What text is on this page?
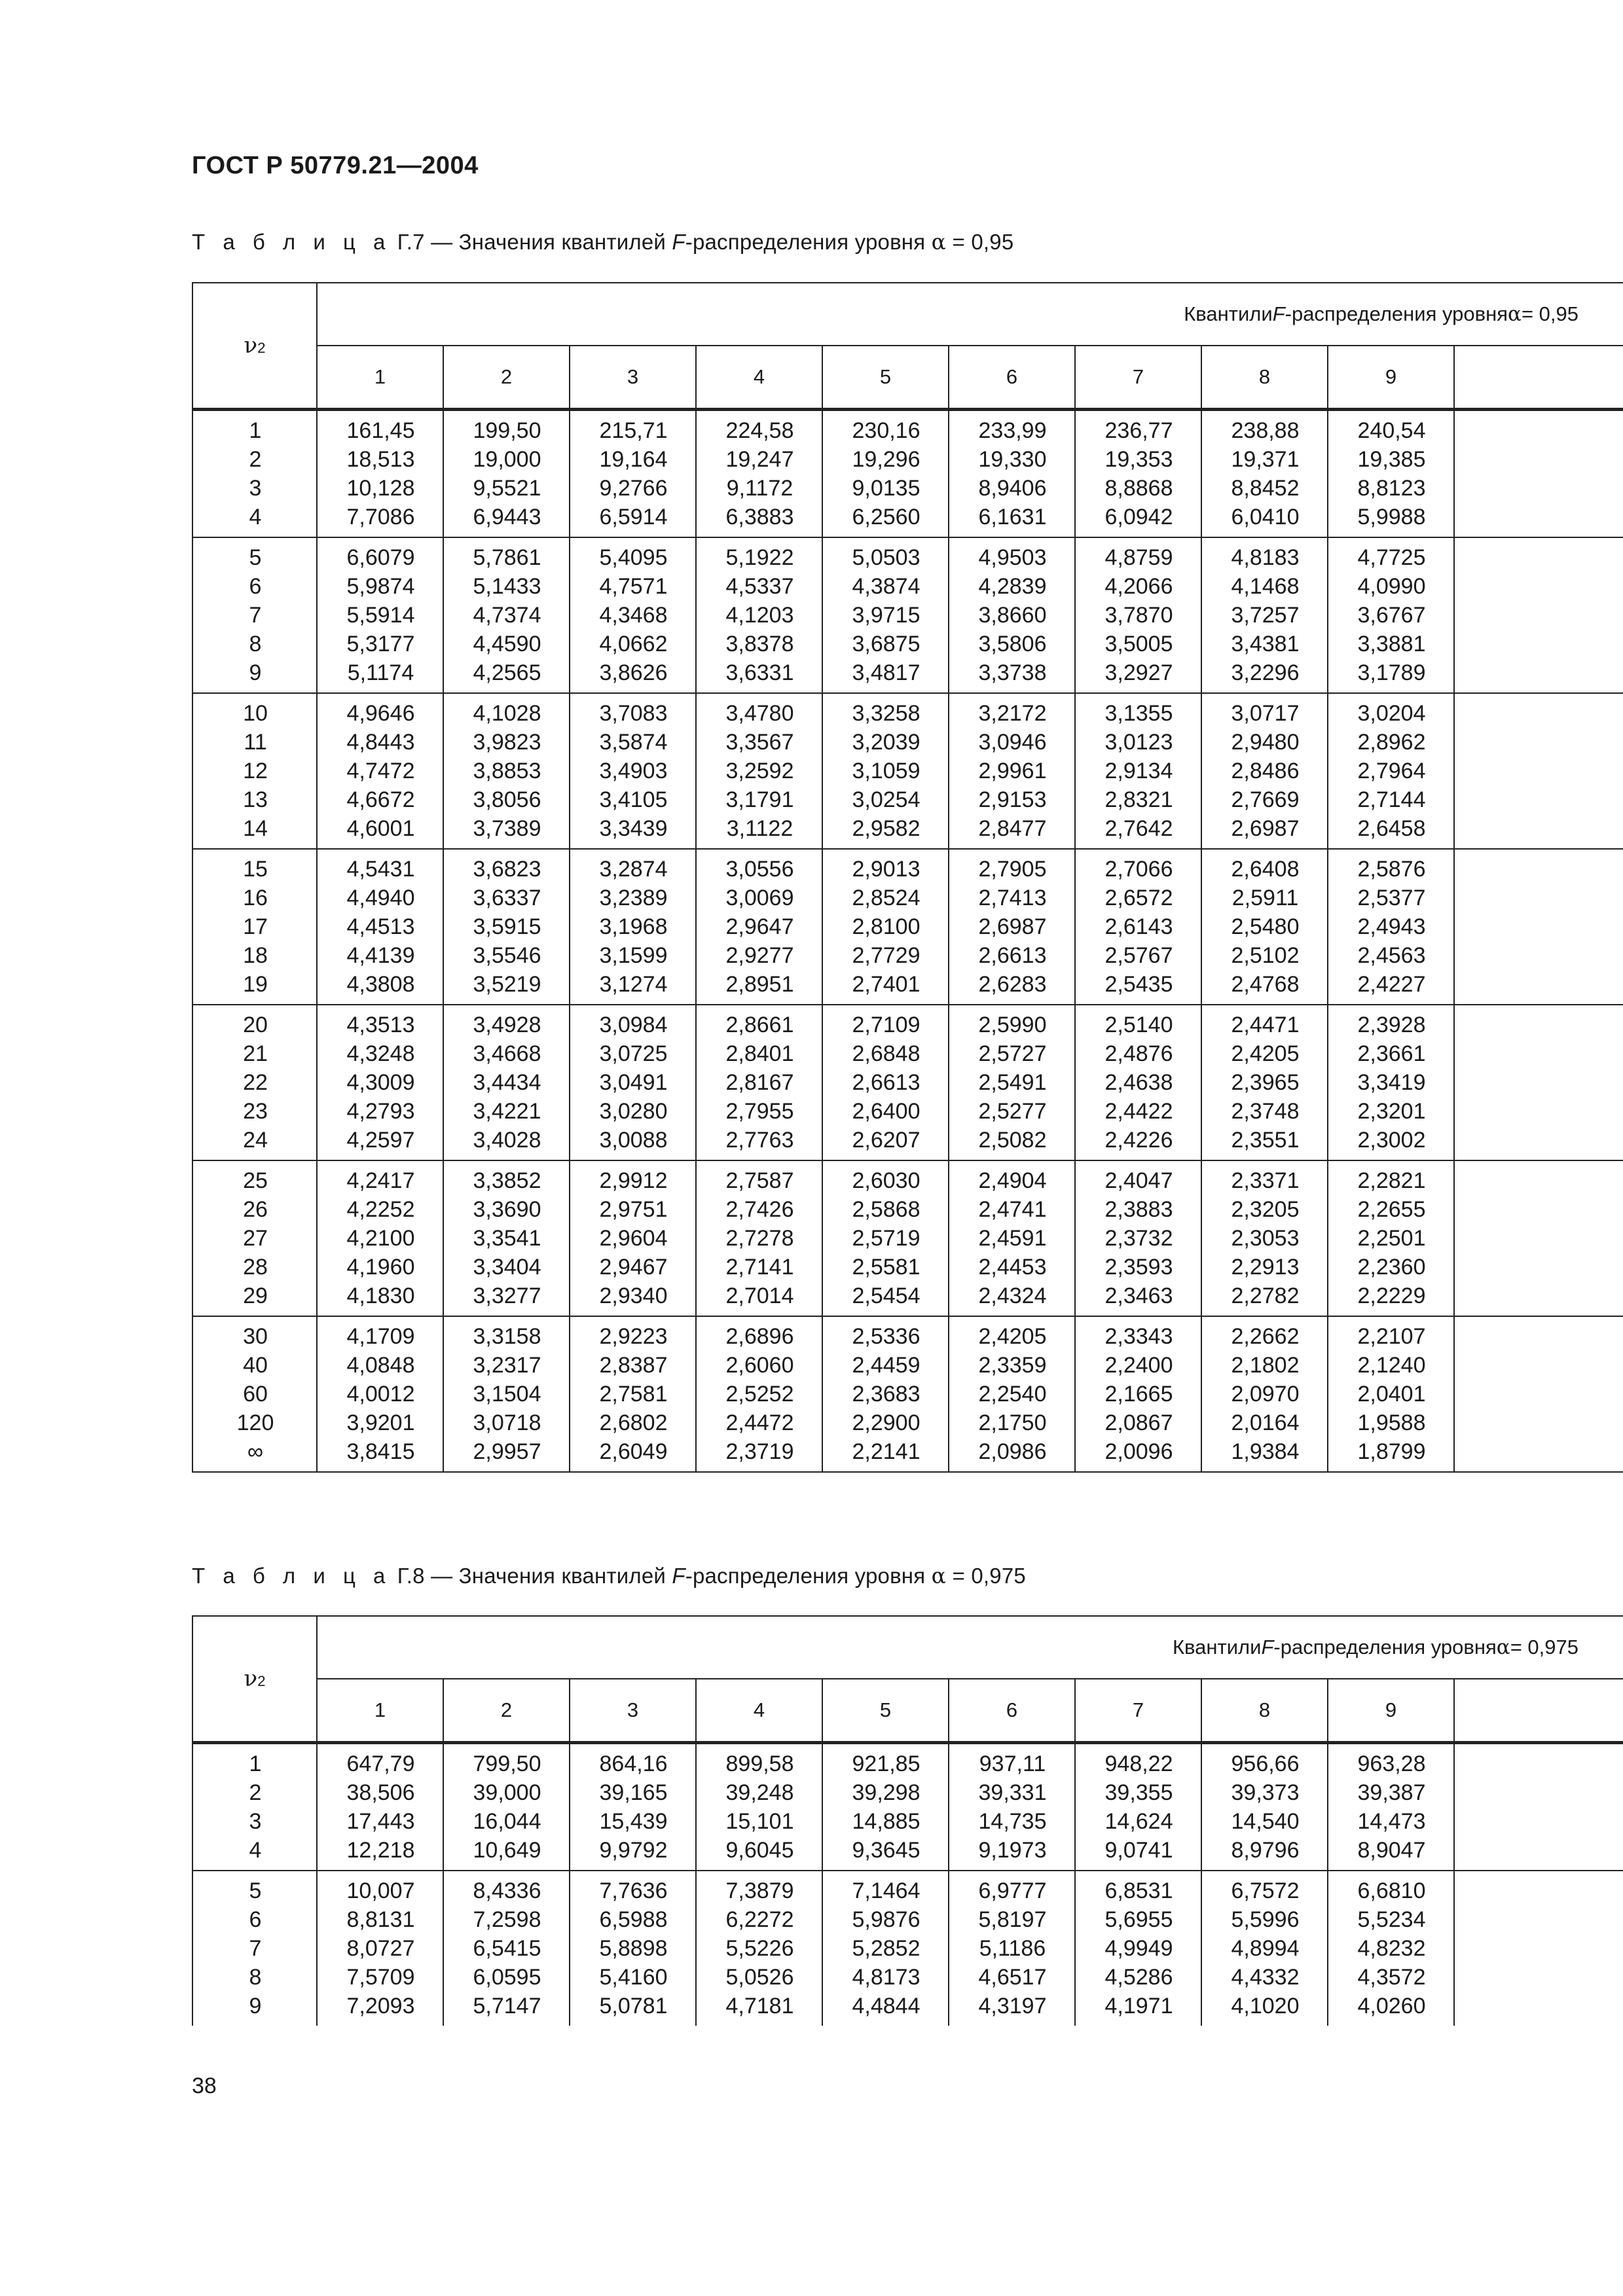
ГОСТ Р 50779.21—2004
Т а б л и ц а Г.7 — Значения квантилей F-распределения уровня α = 0,95
$\nu_2$
Квантили F -распределения уровня α = 0,95
1	2	3	4	5	6	7	8	9
1	161,45	199,50	215,71	224,58	230,16	233,99	236,77	238,88	240,54
2	18,513	19,000	19,164	19,247	19,296	19,330	19,353	19,371	19,385
3	10,128	9,5521	9,2766	9,1172	9,0135	8,9406	8,8868	8,8452	8,8123
4	7,7086	6,9443	6,5914	6,3883	6,2560	6,1631	6,0942	6,0410	5,9988
5	6,6079	5,7861	5,4095	5,1922	5,0503	4,9503	4,8759	4,8183	4,7725
6	5,9874	5,1433	4,7571	4,5337	4,3874	4,2839	4,2066	4,1468	4,0990
7	5,5914	4,7374	4,3468	4,1203	3,9715	3,8660	3,7870	3,7257	3,6767
8	5,3177	4,4590	4,0662	3,8378	3,6875	3,5806	3,5005	3,4381	3,3881
9	5,1174	4,2565	3,8626	3,6331	3,4817	3,3738	3,2927	3,2296	3,1789
10	4,9646	4,1028	3,7083	3,4780	3,3258	3,2172	3,1355	3,0717	3,0204
11	4,8443	3,9823	3,5874	3,3567	3,2039	3,0946	3,0123	2,9480	2,8962
12	4,7472	3,8853	3,4903	3,2592	3,1059	2,9961	2,9134	2,8486	2,7964
13	4,6672	3,8056	3,4105	3,1791	3,0254	2,9153	2,8321	2,7669	2,7144
14	4,6001	3,7389	3,3439	3,1122	2,9582	2,8477	2,7642	2,6987	2,6458
15	4,5431	3,6823	3,2874	3,0556	2,9013	2,7905	2,7066	2,6408	2,5876
16	4,4940	3,6337	3,2389	3,0069	2,8524	2,7413	2,6572	2,5911	2,5377
17	4,4513	3,5915	3,1968	2,9647	2,8100	2,6987	2,6143	2,5480	2,4943
18	4,4139	3,5546	3,1599	2,9277	2,7729	2,6613	2,5767	2,5102	2,4563
19	4,3808	3,5219	3,1274	2,8951	2,7401	2,6283	2,5435	2,4768	2,4227
20	4,3513	3,4928	3,0984	2,8661	2,7109	2,5990	2,5140	2,4471	2,3928
21	4,3248	3,4668	3,0725	2,8401	2,6848	2,5727	2,4876	2,4205	2,3661
22	4,3009	3,4434	3,0491	2,8167	2,6613	2,5491	2,4638	2,3965	3,3419
23	4,2793	3,4221	3,0280	2,7955	2,6400	2,5277	2,4422	2,3748	2,3201
24	4,2597	3,4028	3,0088	2,7763	2,6207	2,5082	2,4226	2,3551	2,3002
25	4,2417	3,3852	2,9912	2,7587	2,6030	2,4904	2,4047	2,3371	2,2821
26	4,2252	3,3690	2,9751	2,7426	2,5868	2,4741	2,3883	2,3205	2,2655
27	4,2100	3,3541	2,9604	2,7278	2,5719	2,4591	2,3732	2,3053	2,2501
28	4,1960	3,3404	2,9467	2,7141	2,5581	2,4453	2,3593	2,2913	2,2360
29	4,1830	3,3277	2,9340	2,7014	2,5454	2,4324	2,3463	2,2782	2,2229
30	4,1709	3,3158	2,9223	2,6896	2,5336	2,4205	2,3343	2,2662	2,2107
40	4,0848	3,2317	2,8387	2,6060	2,4459	2,3359	2,2400	2,1802	2,1240
60	4,0012	3,1504	2,7581	2,5252	2,3683	2,2540	2,1665	2,0970	2,0401
120	3,9201	3,0718	2,6802	2,4472	2,2900	2,1750	2,0867	2,0164	1,9588
∞	3,8415	2,9957	2,6049	2,3719	2,2141	2,0986	2,0096	1,9384	1,8799
Т а б л и ц а Г.8 — Значения квантилей F-распределения уровня α = 0,975
$\nu_2$
Квантили F -распределения уровня α = 0,975
1	2	3	4	5	6	7	8	9
1	647,79	799,50	864,16	899,58	921,85	937,11	948,22	956,66	963,28
2	38,506	39,000	39,165	39,248	39,298	39,331	39,355	39,373	39,387
3	17,443	16,044	15,439	15,101	14,885	14,735	14,624	14,540	14,473
4	12,218	10,649	9,9792	9,6045	9,3645	9,1973	9,0741	8,9796	8,9047
5	10,007	8,4336	7,7636	7,3879	7,1464	6,9777	6,8531	6,7572	6,6810
6	8,8131	7,2598	6,5988	6,2272	5,9876	5,8197	5,6955	5,5996	5,5234
7	8,0727	6,5415	5,8898	5,5226	5,2852	5,1186	4,9949	4,8994	4,8232
8	7,5709	6,0595	5,4160	5,0526	4,8173	4,6517	4,5286	4,4332	4,3572
9	7,2093	5,7147	5,0781	4,7181	4,4844	4,3197	4,1971	4,1020	4,0260
38
